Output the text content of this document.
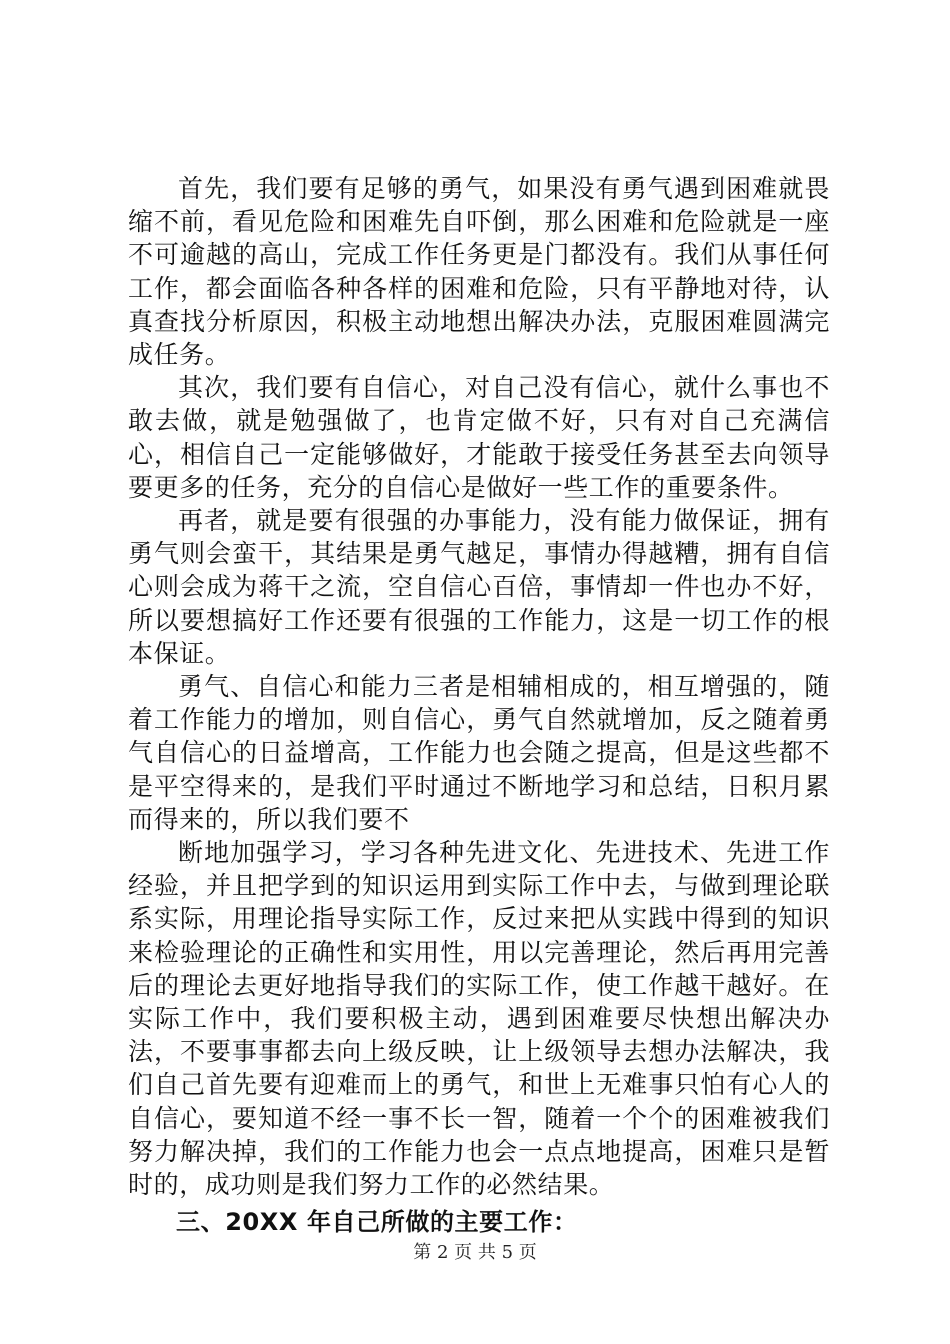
首先，我们要有足够的勇气，如果没有勇气遇到困难就畏缩不前，看见危险和困难先自吓倒，那么困难和危险就是一座不可逾越的高山，完成工作任务更是门都没有。我们从事任何工作，都会面临各种各样的困难和危险，只有平静地对待，认真查找分析原因，积极主动地想出解决办法，克服困难圆满完成任务。

其次，我们要有自信心，对自己没有信心，就什么事也不敢去做，就是勉强做了，也肯定做不好，只有对自己充满信心，相信自己一定能够做好，才能敢于接受任务甚至去向领导要更多的任务，充分的自信心是做好一些工作的重要条件。

再者，就是要有很强的办事能力，没有能力做保证，拥有勇气则会蛮干，其结果是勇气越足，事情办得越糟，拥有自信心则会成为蒋干之流，空自信心百倍，事情却一件也办不好，所以要想搞好工作还要有很强的工作能力，这是一切工作的根本保证。

勇气、自信心和能力三者是相辅相成的，相互增强的，随着工作能力的增加，则自信心，勇气自然就增加，反之随着勇气自信心的日益增高，工作能力也会随之提高，但是这些都不是平空得来的，是我们平时通过不断地学习和总结，日积月累而得来的，所以我们要不

断地加强学习，学习各种先进文化、先进技术、先进工作经验，并且把学到的知识运用到实际工作中去，与做到理论联系实际，用理论指导实际工作，反过来把从实践中得到的知识来检验理论的正确性和实用性，用以完善理论，然后再用完善后的理论去更好地指导我们的实际工作，使工作越干越好。在实际工作中，我们要积极主动，遇到困难要尽快想出解决办法，不要事事都去向上级反映，让上级领导去想办法解决，我们自己首先要有迎难而上的勇气，和世上无难事只怕有心人的自信心，要知道不经一事不长一智，随着一个个的困难被我们努力解决掉，我们的工作能力也会一点点地提高，困难只是暂时的，成功则是我们努力工作的必然结果。

三、20XX 年自己所做的主要工作：

第 2 页 共 5 页
